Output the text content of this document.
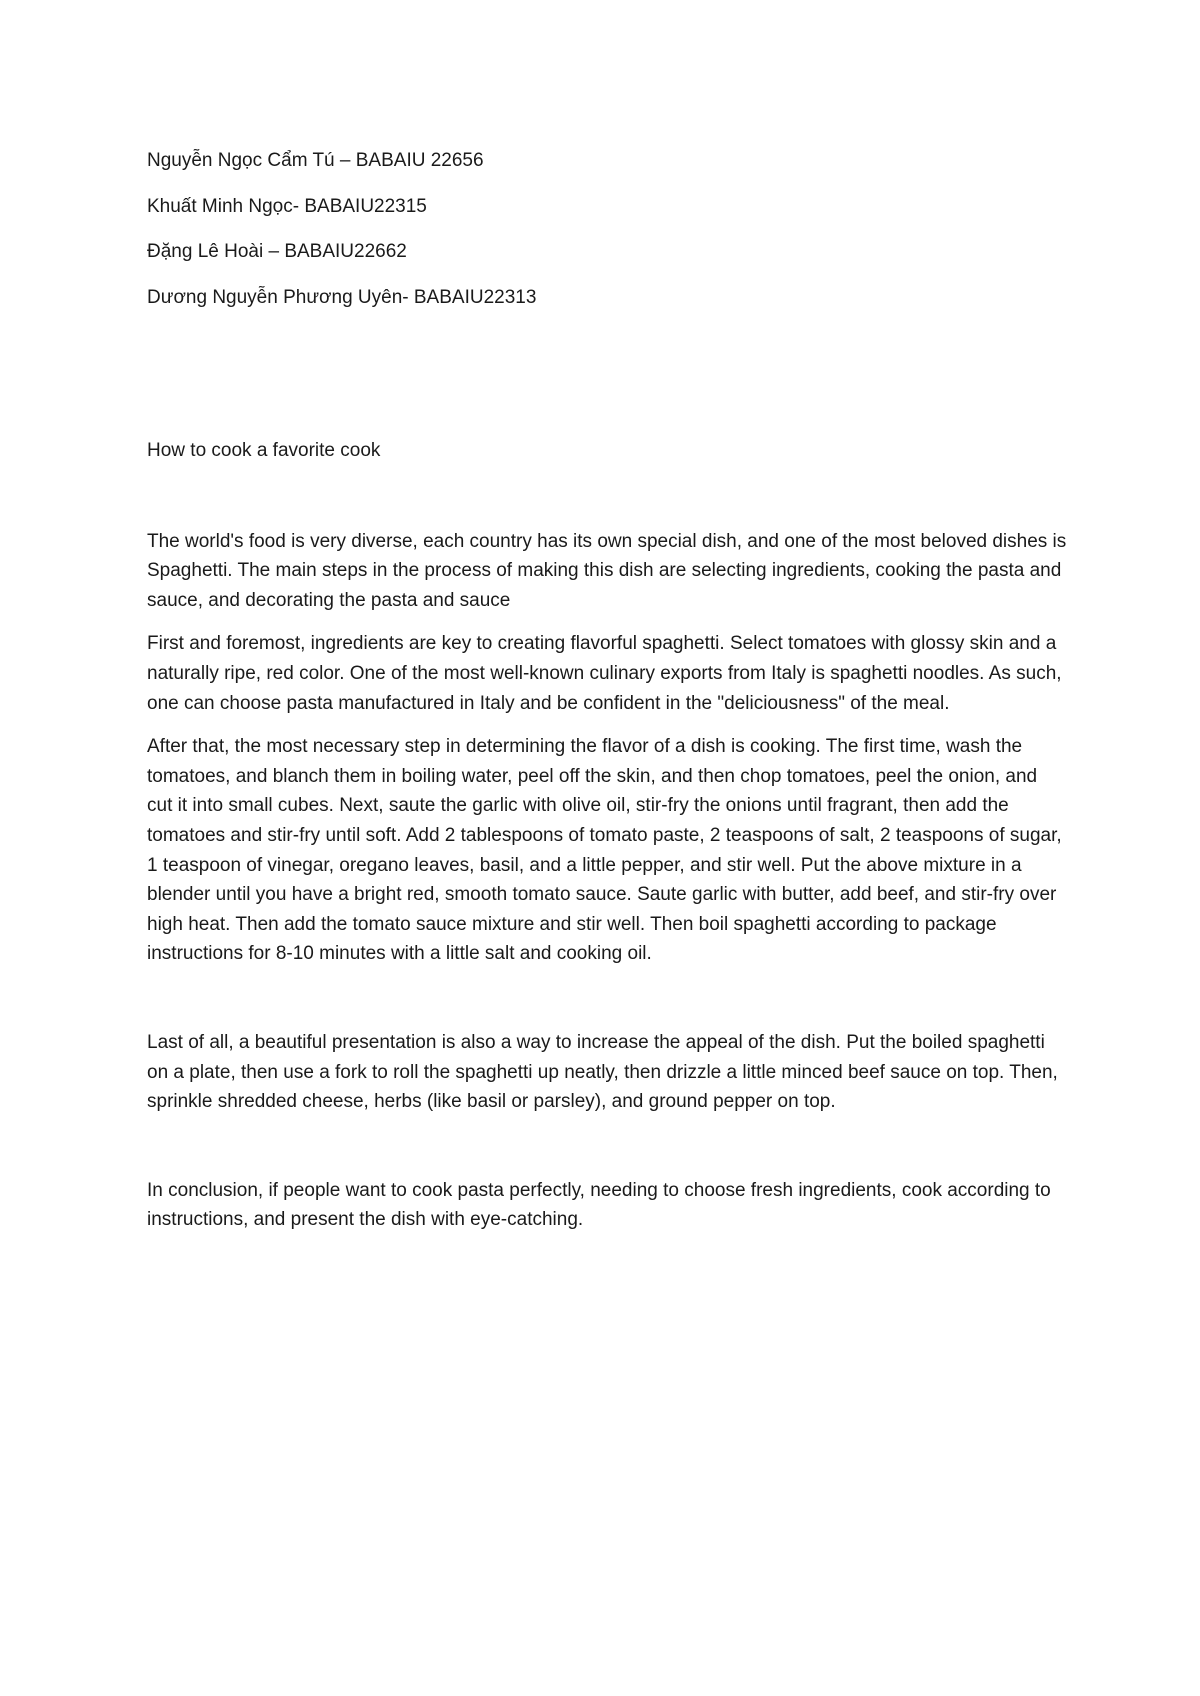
Nguyễn Ngọc Cẩm Tú – BABAIU 22656

Khuất Minh Ngọc- BABAIU22315

Đặng Lê Hoài – BABAIU22662

Dương Nguyễn Phương Uyên- BABAIU22313

How to cook a favorite cook

The world's food is very diverse, each country has its own special dish, and one of the most beloved dishes is Spaghetti. The main steps in the process of making this dish are selecting ingredients, cooking the pasta and sauce, and decorating the pasta and sauce

First and foremost, ingredients are key to creating flavorful spaghetti. Select tomatoes with glossy skin and a naturally ripe, red color. One of the most well-known culinary exports from Italy is spaghetti noodles. As such, one can choose pasta manufactured in Italy and be confident in the "deliciousness" of the meal.

After that, the most necessary step in determining the flavor of a dish is cooking. The first time, wash the tomatoes, and blanch them in boiling water, peel off the skin, and then chop tomatoes, peel the onion, and cut it into small cubes. Next, saute the garlic with olive oil, stir-fry the onions until fragrant, then add the tomatoes and stir-fry until soft. Add 2 tablespoons of tomato paste, 2 teaspoons of salt, 2 teaspoons of sugar, 1 teaspoon of vinegar, oregano leaves, basil, and a little pepper, and stir well. Put the above mixture in a blender until you have a bright red, smooth tomato sauce. Saute garlic with butter, add beef, and stir-fry over high heat. Then add the tomato sauce mixture and stir well. Then boil spaghetti according to package instructions for 8-10 minutes with a little salt and cooking oil.

Last of all, a beautiful presentation is also a way to increase the appeal of the dish. Put the boiled spaghetti on a plate, then use a fork to roll the spaghetti up neatly, then drizzle a little minced beef sauce on top. Then, sprinkle shredded cheese, herbs (like basil or parsley), and ground pepper on top.

In conclusion, if people want to cook pasta perfectly, needing to choose fresh ingredients, cook according to instructions, and present the dish with eye-catching.
